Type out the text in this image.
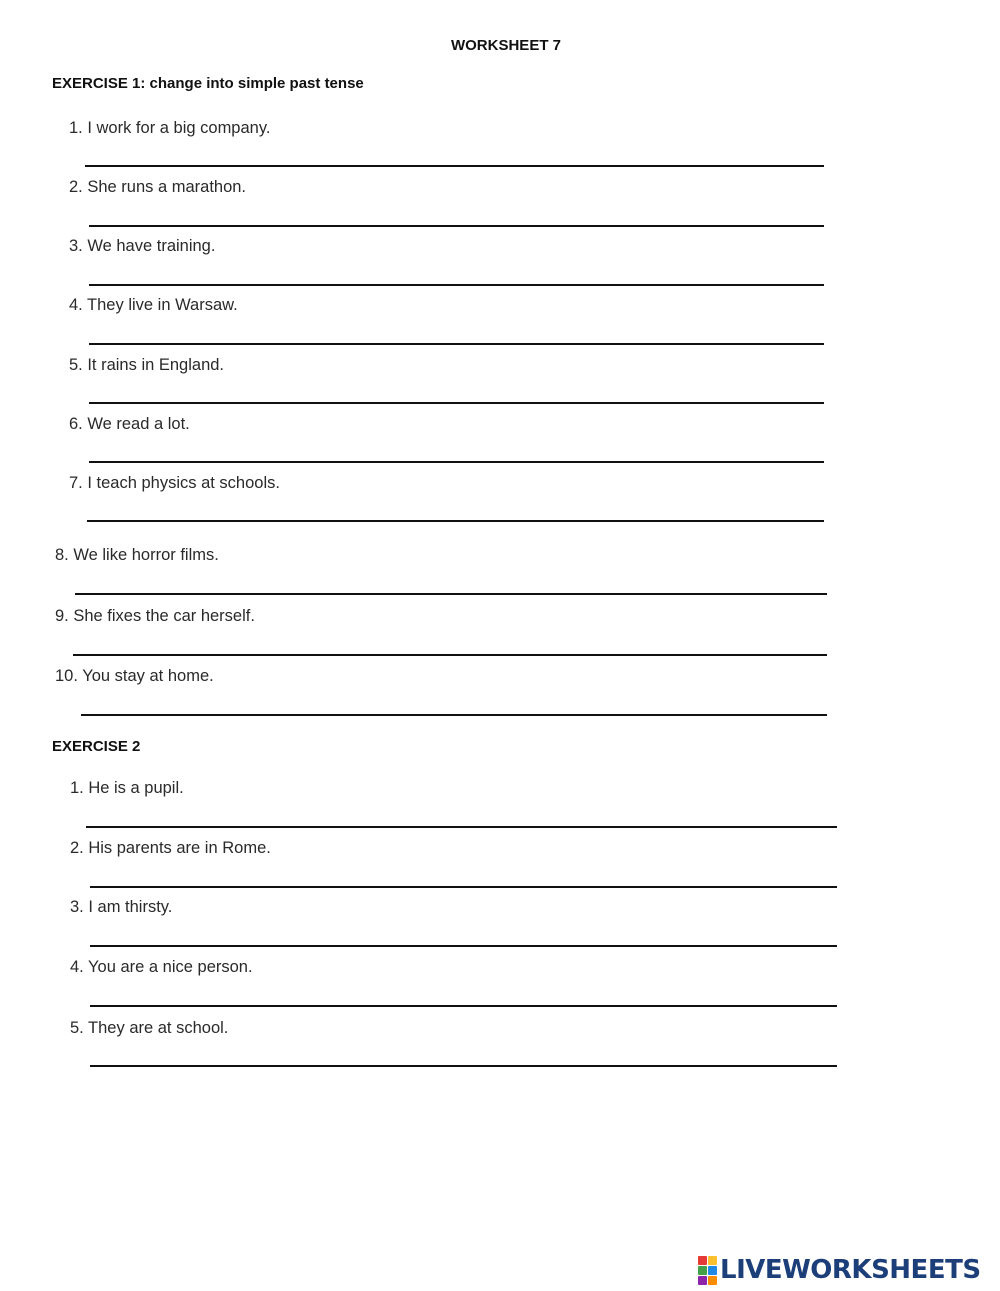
WORKSHEET 7
EXERCISE 1: change into simple past tense
1. I work for a big company.
2. She runs a marathon.
3. We have training.
4. They live in Warsaw.
5. It rains in England.
6. We read a lot.
7. I teach physics at schools.
8. We like horror films.
9. She fixes the car herself.
10. You stay at home.
EXERCISE 2
1. He is a pupil.
2. His parents are in Rome.
3. I am thirsty.
4. You are a nice person.
5. They are at school.
LIVEWORKSHEETS
